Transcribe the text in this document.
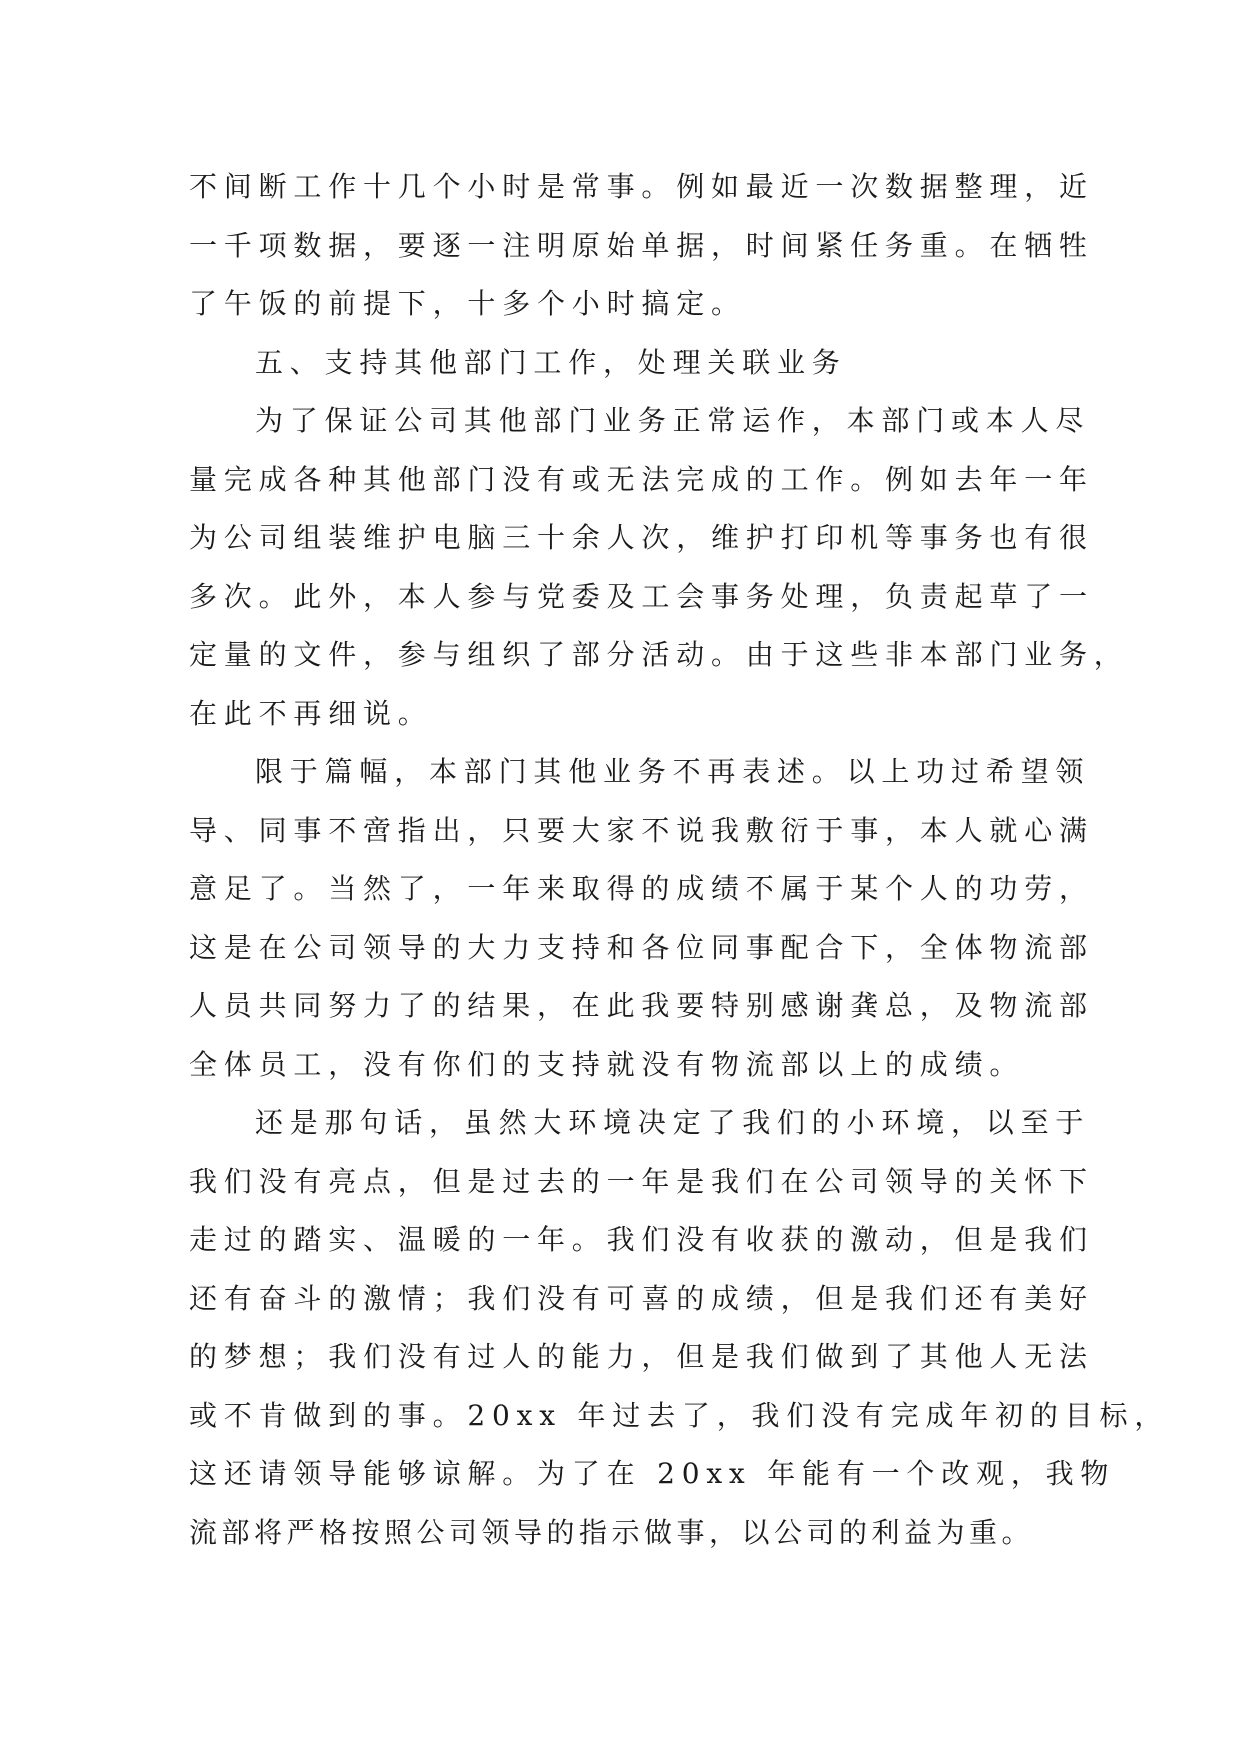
不间断工作十几个小时是常事。例如最近一次数据整理，近
一千项数据，要逐一注明原始单据，时间紧任务重。在牺牲
了午饭的前提下，十多个小时搞定。
五、支持其他部门工作，处理关联业务
为了保证公司其他部门业务正常运作，本部门或本人尽
量完成各种其他部门没有或无法完成的工作。例如去年一年
为公司组装维护电脑三十余人次，维护打印机等事务也有很
多次。此外，本人参与党委及工会事务处理，负责起草了一
定量的文件，参与组织了部分活动。由于这些非本部门业务，
在此不再细说。
限于篇幅，本部门其他业务不再表述。以上功过希望领
导、同事不啻指出，只要大家不说我敷衍于事，本人就心满
意足了。当然了，一年来取得的成绩不属于某个人的功劳，
这是在公司领导的大力支持和各位同事配合下，全体物流部
人员共同努力了的结果，在此我要特别感谢龚总，及物流部
全体员工，没有你们的支持就没有物流部以上的成绩。
还是那句话，虽然大环境决定了我们的小环境，以至于
我们没有亮点，但是过去的一年是我们在公司领导的关怀下
走过的踏实、温暖的一年。我们没有收获的激动，但是我们
还有奋斗的激情；我们没有可喜的成绩，但是我们还有美好
的梦想；我们没有过人的能力，但是我们做到了其他人无法
或不肯做到的事。20xx 年过去了，我们没有完成年初的目标，
这还请领导能够谅解。为了在 20xx 年能有一个改观，我物
流部将严格按照公司领导的指示做事，以公司的利益为重。
